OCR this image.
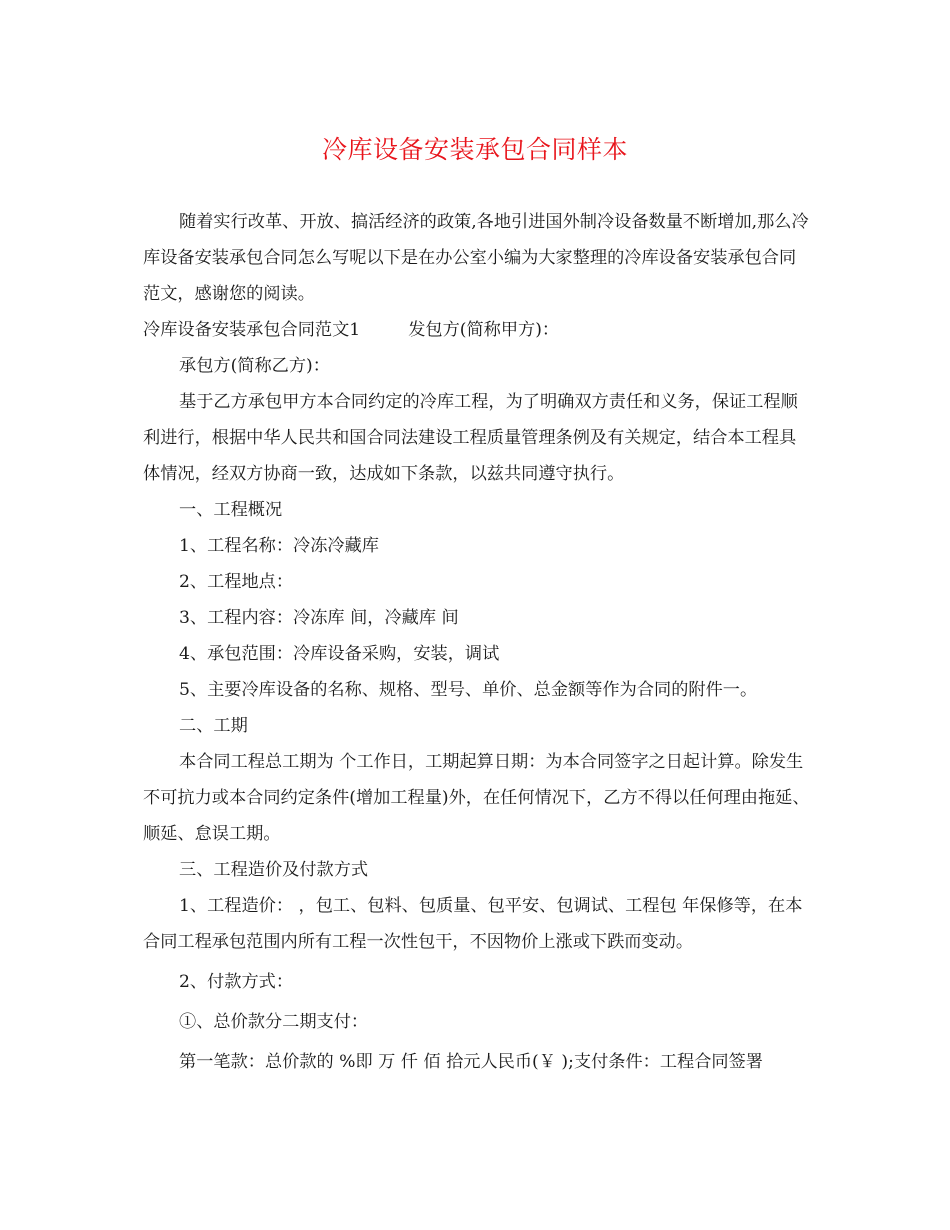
冷库设备安装承包合同样本

随着实行改革、开放、搞活经济的政策,各地引进国外制冷设备数量不断增加,那么冷库设备安装承包合同怎么写呢以下是在办公室小编为大家整理的冷库设备安装承包合同范文，感谢您的阅读。

冷库设备安装承包合同范文1	发包方(简称甲方)：

承包方(简称乙方)：

基于乙方承包甲方本合同约定的冷库工程，为了明确双方责任和义务，保证工程顺利进行，根据中华人民共和国合同法建设工程质量管理条例及有关规定，结合本工程具体情况，经双方协商一致，达成如下条款，以兹共同遵守执行。

一、工程概况

1、工程名称：冷冻冷藏库

2、工程地点：

3、工程内容：冷冻库 间，冷藏库 间

4、承包范围：冷库设备采购，安装，调试

5、主要冷库设备的名称、规格、型号、单价、总金额等作为合同的附件一。

二、工期

本合同工程总工期为 个工作日，工期起算日期：为本合同签字之日起计算。除发生不可抗力或本合同约定条件(增加工程量)外，在任何情况下，乙方不得以任何理由拖延、顺延、怠误工期。

三、工程造价及付款方式

1、工程造价： ，包工、包料、包质量、包平安、包调试、工程包 年保修等，在本合同工程承包范围内所有工程一次性包干，不因物价上涨或下跌而变动。

2、付款方式：

①、总价款分二期支付：

第一笔款：总价款的 %即 万 仟 佰 拾元人民币(￥ );支付条件：工程合同签署
